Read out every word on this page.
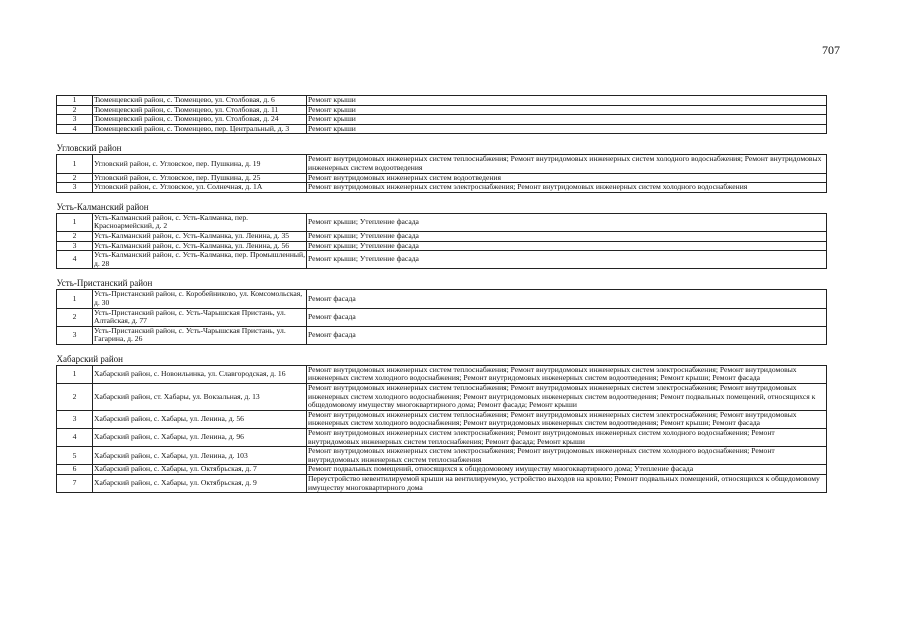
707
1	Тюменцевский район, с. Тюменцево, ул. Столбовая, д. 6	Ремонт крыши
2	Тюменцевский район, с. Тюменцево, ул. Столбовая, д. 11	Ремонт крыши
3	Тюменцевский район, с. Тюменцево, ул. Столбовая, д. 24	Ремонт крыши
4	Тюменцевский район, с. Тюменцево, пер. Центральный, д. 3	Ремонт крыши
Угловский район		
1	Угловский район, с. Угловское, пер. Пушкина, д. 19	Ремонт внутридомовых инженерных систем теплоснабжения; Ремонт внутридомовых инженерных систем холодного водоснабжения; Ремонт внутридомовых инженерных систем водоотведения
2	Угловский район, с. Угловское, пер. Пушкина, д. 25	Ремонт внутридомовых инженерных систем водоотведения
3	Угловский район, с. Угловское, ул. Солнечная, д. 1А	Ремонт внутридомовых инженерных систем электроснабжения; Ремонт внутридомовых инженерных систем холодного водоснабжения
Усть-Калманский район		
1	Усть-Калманский район, с. Усть-Калманка, пер. Красноармейский, д. 2	Ремонт крыши; Утепление фасада
2	Усть-Калманский район, с. Усть-Калманка, ул. Ленина, д. 35	Ремонт крыши; Утепление фасада
3	Усть-Калманский район, с. Усть-Калманка, ул. Ленина, д. 56	Ремонт крыши; Утепление фасада
4	Усть-Калманский район, с. Усть-Калманка, пер. Промышленный, д. 28	Ремонт крыши; Утепление фасада
Усть-Пристанский район		
1	Усть-Пристанский район, с. Коробейниково, ул. Комсомольская, д. 30	Ремонт фасада
2	Усть-Пристанский район, с. Усть-Чарышская Пристань, ул. Алтайская, д. 77	Ремонт фасада
3	Усть-Пристанский район, с. Усть-Чарышская Пристань, ул. Гагарина, д. 26	Ремонт фасада
Хабарский район		
1	Хабарский район, с. Новоильинка, ул. Славгородская, д. 16	Ремонт внутридомовых инженерных систем теплоснабжения; Ремонт внутридомовых инженерных систем электроснабжения; Ремонт внутридомовых инженерных систем холодного водоснабжения; Ремонт внутридомовых инженерных систем водоотведения; Ремонт крыши; Ремонт фасада
2	Хабарский район, ст. Хабары, ул. Вокзальная, д. 13	Ремонт внутридомовых инженерных систем теплоснабжения; Ремонт внутридомовых инженерных систем электроснабжения; Ремонт внутридомовых инженерных систем холодного водоснабжения; Ремонт внутридомовых инженерных систем водоотведения; Ремонт подвальных помещений, относящихся к общедомовому имуществу многоквартирного дома; Ремонт фасада; Ремонт крыши
3	Хабарский район, с. Хабары, ул. Ленина, д. 56	Ремонт внутридомовых инженерных систем теплоснабжения; Ремонт внутридомовых инженерных систем электроснабжения; Ремонт внутридомовых инженерных систем холодного водоснабжения; Ремонт внутридомовых инженерных систем водоотведения; Ремонт крыши; Ремонт фасада
4	Хабарский район, с. Хабары, ул. Ленина, д. 96	Ремонт внутридомовых инженерных систем электроснабжения; Ремонт внутридомовых инженерных систем холодного водоснабжения; Ремонт внутридомовых инженерных систем теплоснабжения; Ремонт фасада; Ремонт крыши
5	Хабарский район, с. Хабары, ул. Ленина, д. 103	Ремонт внутридомовых инженерных систем электроснабжения; Ремонт внутридомовых инженерных систем холодного водоснабжения; Ремонт внутридомовых инженерных систем теплоснабжения
6	Хабарский район, с. Хабары, ул. Октябрьская, д. 7	Ремонт подвальных помещений, относящихся к общедомовому имуществу многоквартирного дома; Утепление фасада
7	Хабарский район, с. Хабары, ул. Октябрьская, д. 9	Переустройство невентилируемой крыши на вентилируемую, устройство выходов на кровлю; Ремонт подвальных помещений, относящихся к общедомовому имуществу многоквартирного дома
